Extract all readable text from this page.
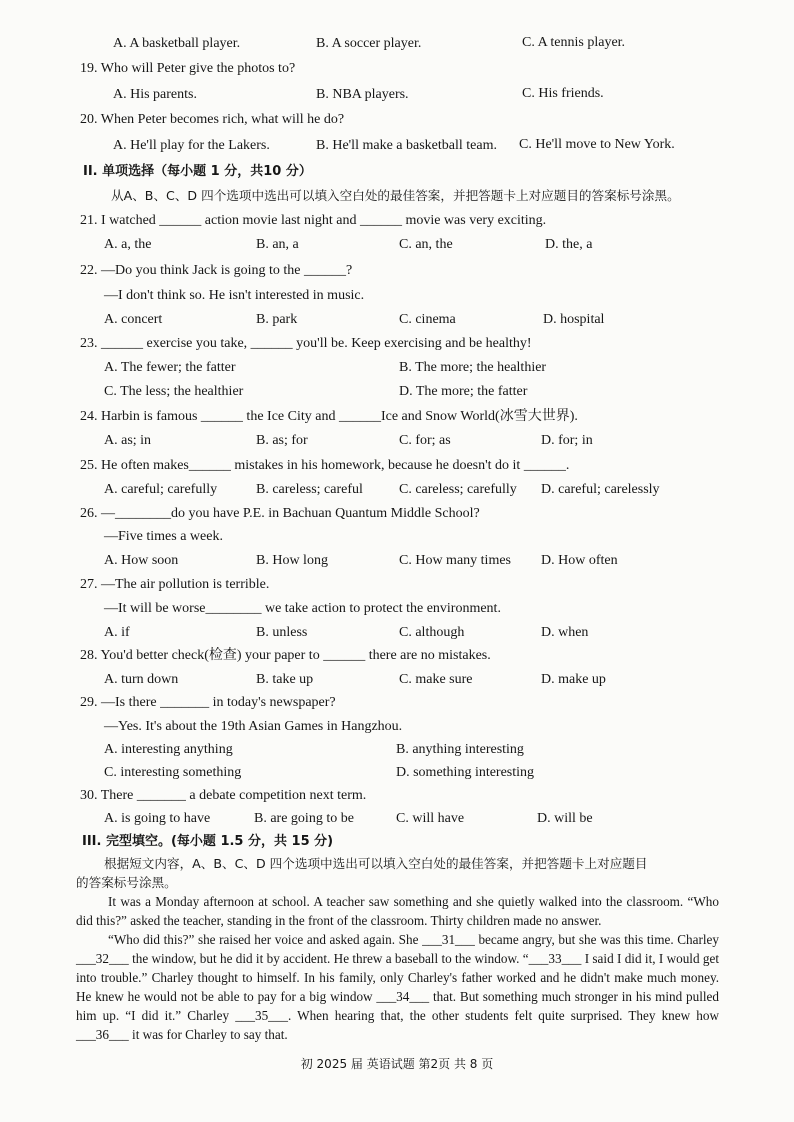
A. A basketball player.	B. A soccer player.	C. A tennis player.
19. Who will Peter give the photos to?
A. His parents.	B. NBA players.	C. His friends.
20. When Peter becomes rich, what will he do?
A. He'll play for the Lakers.	B. He'll make a basketball team. C. He'll move to New York.
II. 单项选择（每小题 1 分，共10 分）
从A、B、C、D 四个选项中选出可以填入空白处的最佳答案，并把答题卡上对应题目的答案标号涂黑。
21. I watched ______ action movie last night and ______ movie was very exciting.
A. a, the	B. an, a	C. an, the	D. the, a
22. —Do you think Jack is going to the ______?
—I don't think so. He isn't interested in music.
A. concert	B. park	C. cinema	D. hospital
23. ______ exercise you take, ______ you'll be. Keep exercising and be healthy!
A. The fewer; the fatter	B. The more; the healthier
C. The less; the healthier	D. The more; the fatter
24. Harbin is famous ______ the Ice City and ______Ice and Snow World(冰雪大世界).
A. as; in	B. as; for	C. for; as	D. for; in
25. He often makes______ mistakes in his homework, because he doesn't do it ______.
A. careful; carefully	B. careless; careful	C. careless; carefully D. careful; carelessly
26. —________do you have P.E. in Bachuan Quantum Middle School?
—Five times a week.
A. How soon	B. How long	C. How many times D. How often
27. —The air pollution is terrible.
—It will be worse________ we take action to protect the environment.
A. if	B. unless	C. although	D. when
28. You'd better check(检查) your paper to ______ there are no mistakes.
A. turn down	B. take up	C. make sure	D. make up
29. —Is there _______ in today's newspaper?
—Yes. It's about the 19th Asian Games in Hangzhou.
A. interesting anything	B. anything interesting
C. interesting something	D. something interesting
30. There _______ a debate competition next term.
A. is going to have	B. are going to be	C. will have	D. will be
III. 完型填空。(每小题 1.5 分，共 15 分)
根据短文内容，A、B、C、D 四个选项中选出可以填入空白处的最佳答案，并把答题卡上对应题目
的答案标号涂黑。
It was a Monday afternoon at school. A teacher saw something and she quietly walked into the classroom. “Who did this?” asked the teacher, standing in the front of the classroom. Thirty children made no answer.
“Who did this?” she raised her voice and asked again. She ___31___ became angry, but she was this time. Charley ___32___ the window, but he did it by accident. He threw a baseball to the window. “___33___ I said I did it, I would get into trouble.” Charley thought to himself. In his family, only Charley's father worked and he didn't make much money. He knew he would not be able to pay for a big window ___34___ that. But something much stronger in his mind pulled him up. “I did it.” Charley ___35___. When hearing that, the other students felt quite surprised. They knew how ___36___ it was for Charley to say that.
初 2025 届 英语试题 第2页 共 8 页
